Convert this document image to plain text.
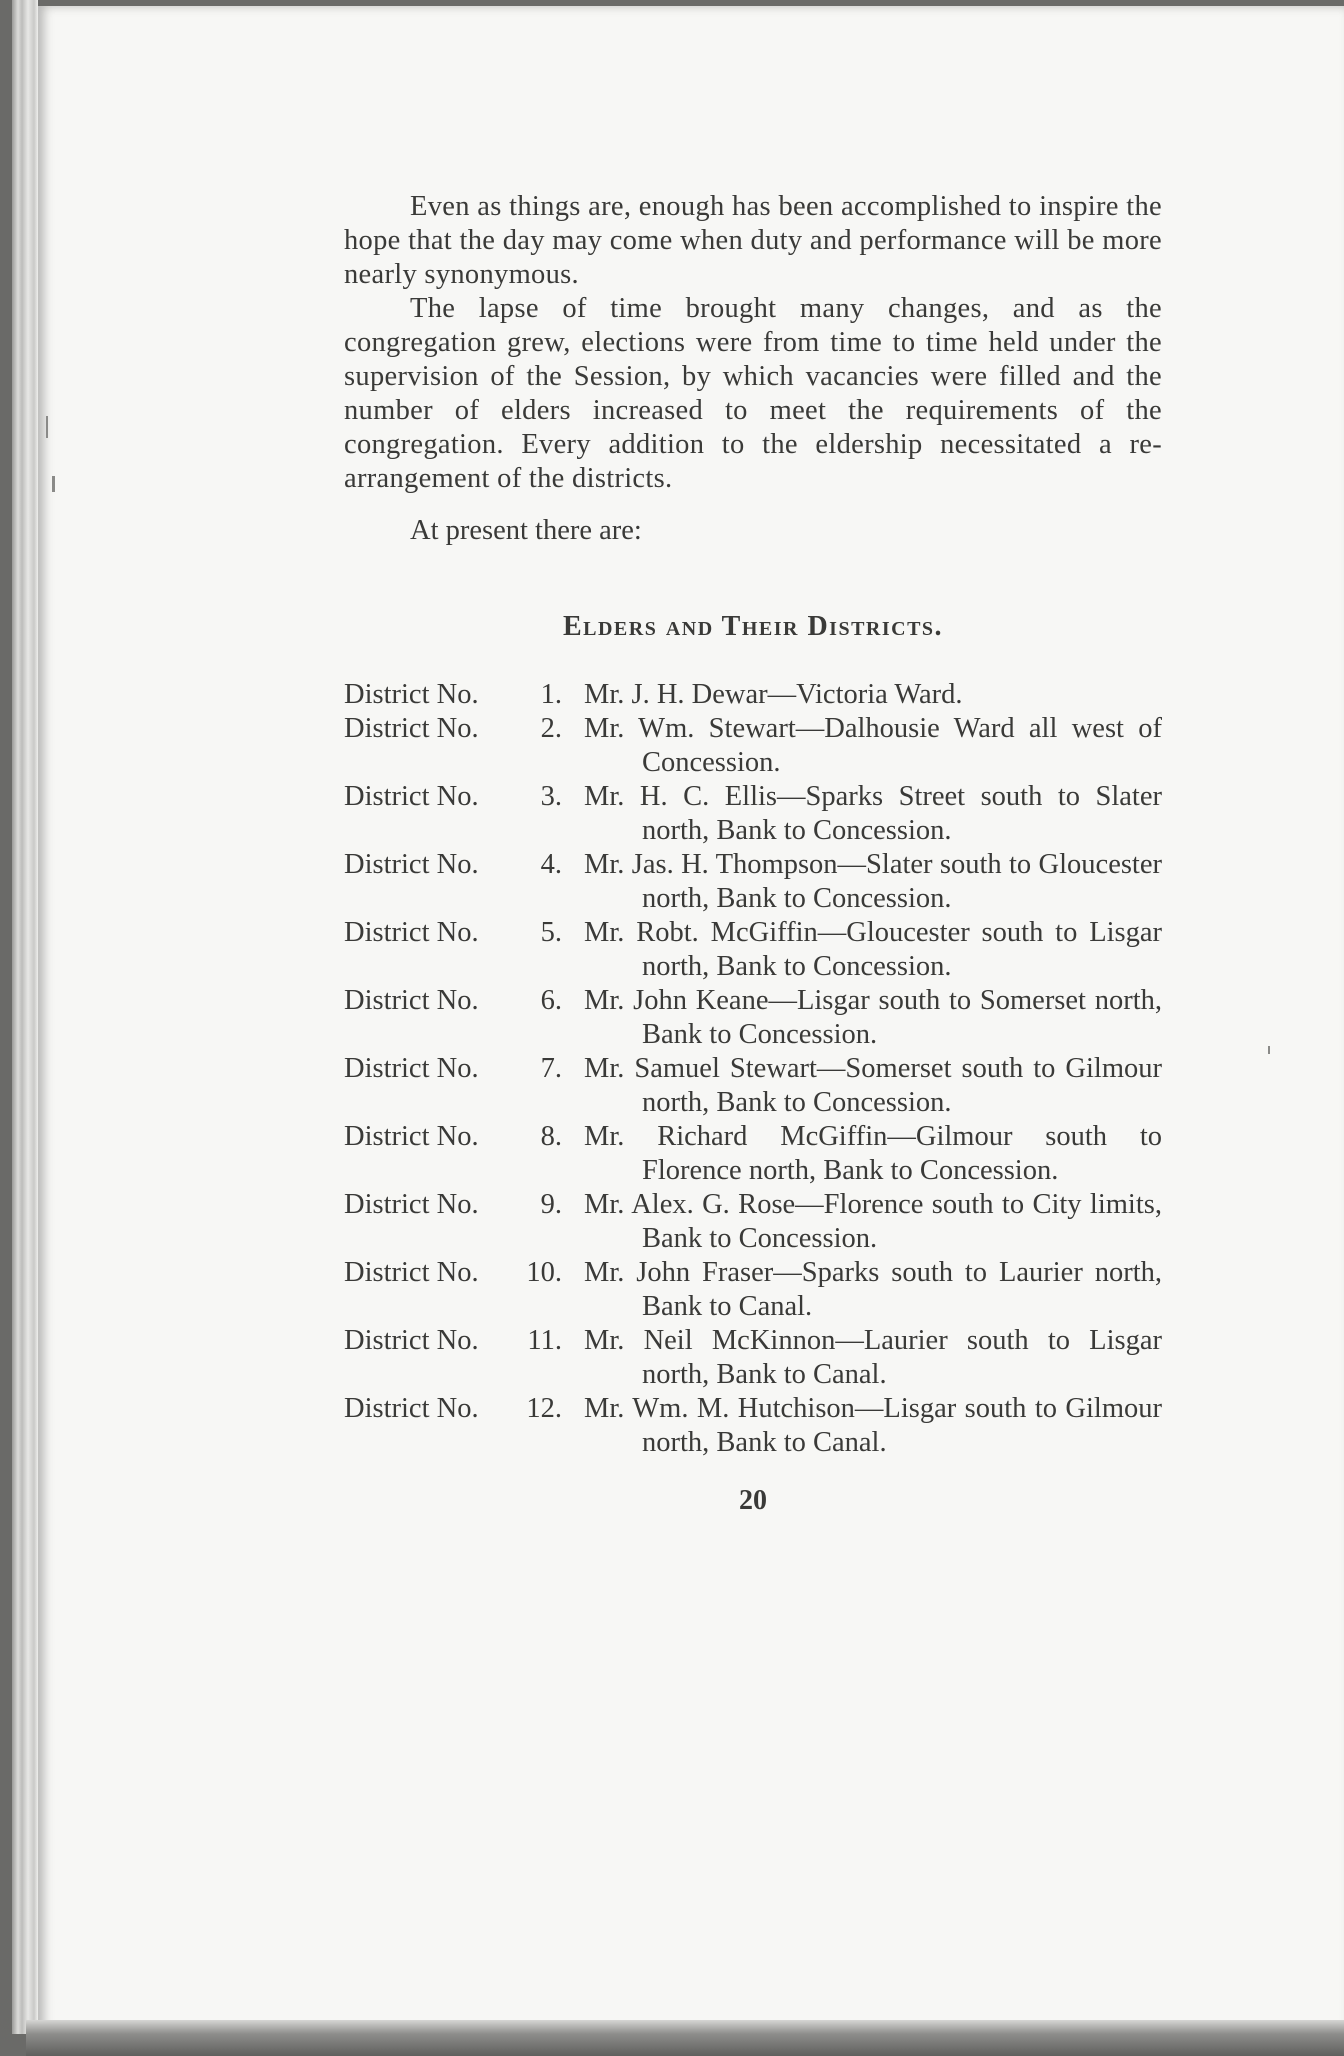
Even as things are, enough has been accomplished to inspire the hope that the day may come when duty and performance will be more nearly synonymous.

The lapse of time brought many changes, and as the congregation grew, elections were from time to time held under the supervision of the Session, by which vacancies were filled and the number of elders increased to meet the requirements of the congregation. Every addition to the eldership necessitated a re-arrangement of the districts.

At present there are:

Elders and Their Districts.
District No.	1. Mr. J. H. Dewar—Victoria Ward.
District No.	2. Mr. Wm. Stewart—Dalhousie Ward all west of Concession.
District No.	3. Mr. H. C. Ellis—Sparks Street south to Slater north, Bank to Concession.
District No.	4. Mr. Jas. H. Thompson—Slater south to Gloucester north, Bank to Concession.
District No.	5. Mr. Robt. McGiffin—Gloucester south to Lisgar north, Bank to Concession.
District No.	6. Mr. John Keane—Lisgar south to Somerset north, Bank to Concession.
District No.	7. Mr. Samuel Stewart—Somerset south to Gilmour north, Bank to Concession.
District No.	8. Mr. Richard McGiffin—Gilmour south to Florence north, Bank to Concession.
District No.	9. Mr. Alex. G. Rose—Florence south to City limits, Bank to Concession.
District No.	10. Mr. John Fraser—Sparks south to Laurier north, Bank to Canal.
District No.	11. Mr. Neil McKinnon—Laurier south to Lisgar north, Bank to Canal.
District No.	12. Mr. Wm. M. Hutchison—Lisgar south to Gilmour north, Bank to Canal.
20
